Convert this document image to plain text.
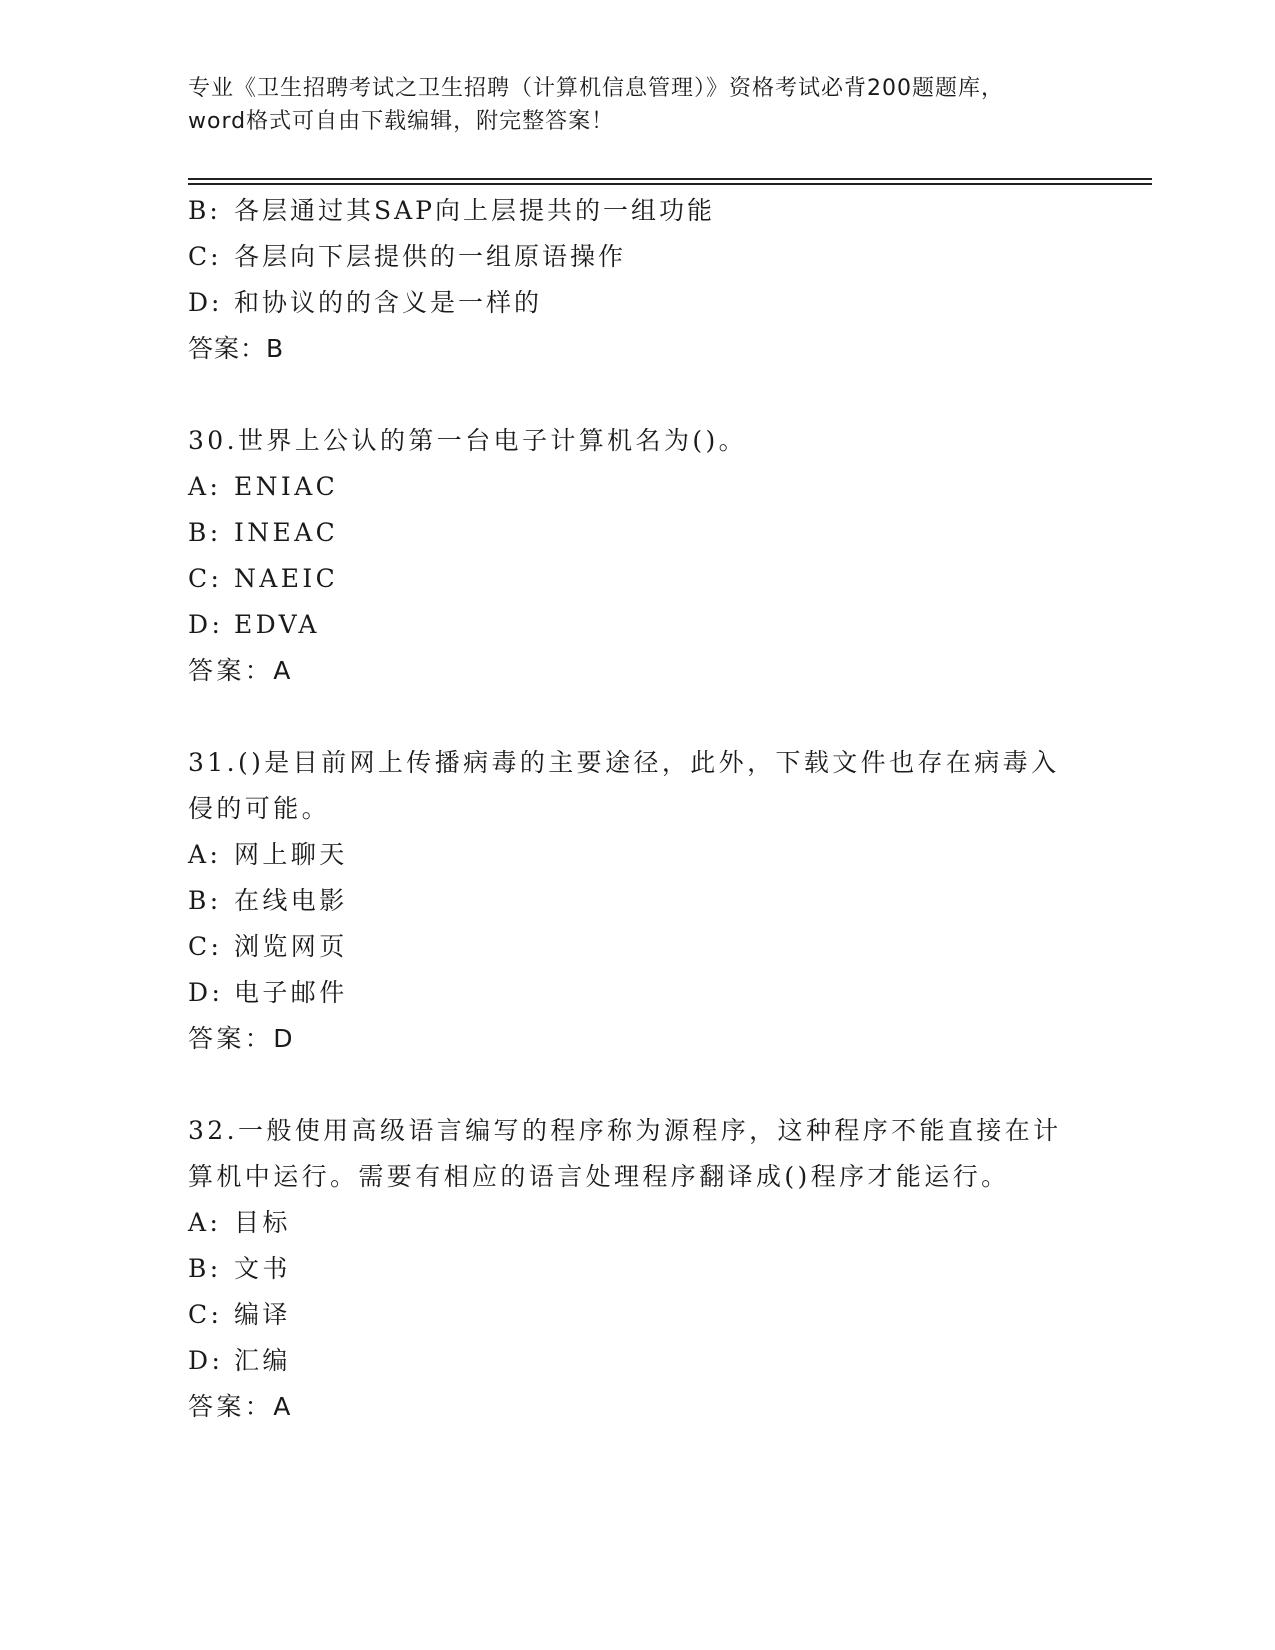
专业《卫生招聘考试之卫生招聘（计算机信息管理）》资格考试必背200题题库，
word格式可自由下载编辑，附完整答案！
B: 各层通过其SAP向上层提共的一组功能
C: 各层向下层提供的一组原语操作
D: 和协议的的含义是一样的
答案：B
30.世界上公认的第一台电子计算机名为()。
A: ENIAC
B: INEAC
C: NAEIC
D: EDVA
答案：A
31.()是目前网上传播病毒的主要途径，此外，下载文件也存在病毒入
侵的可能。
A: 网上聊天
B: 在线电影
C: 浏览网页
D: 电子邮件
答案：D
32.一般使用高级语言编写的程序称为源程序，这种程序不能直接在计
算机中运行。需要有相应的语言处理程序翻译成()程序才能运行。
A: 目标
B: 文书
C: 编译
D: 汇编
答案：A
